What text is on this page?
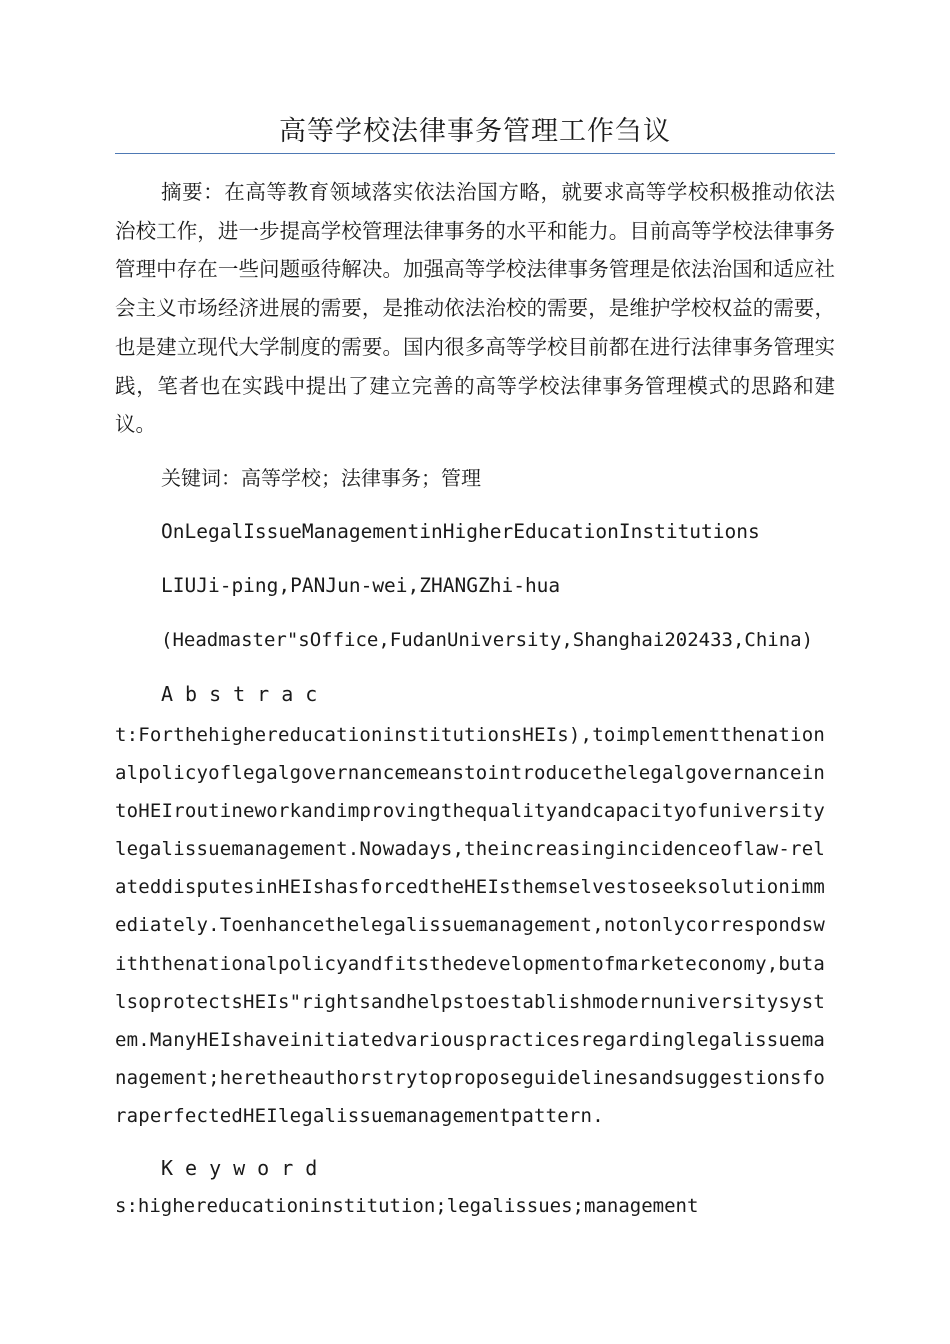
高等学校法律事务管理工作刍议

摘要：在高等教育领域落实依法治国方略，就要求高等学校积极推动依法治校工作，进一步提高学校管理法律事务的水平和能力。目前高等学校法律事务管理中存在一些问题亟待解决。加强高等学校法律事务管理是依法治国和适应社会主义市场经济进展的需要，是推动依法治校的需要，是维护学校权益的需要，也是建立现代大学制度的需要。国内很多高等学校目前都在进行法律事务管理实践，笔者也在实践中提出了建立完善的高等学校法律事务管理模式的思路和建议。

关键词：高等学校；法律事务；管理

OnLegalIssueManagementinHigherEducationInstitutions

LIUJi-ping,PANJun-wei,ZHANGZhi-hua

(Headmaster"sOffice,FudanUniversity,Shanghai202433,China)

Abstrac

t:ForthehighereducationinstitutionsHEIs),toimplementthenationalpolicyoflegalgovernancemeanstointroducethelegalgovernanceintoHEIroutineworkandimprovingthequalityandcapacityofuniversitylegalissuemanagement.Nowadays,theincreasingincidenceoflaw-relateddisputesinHEIshasforcedtheHEIsthemselvestoseeksolutionimmediately.Toenhancethelegalissuemanagement,notonlycorrespondswiththenationalpolicyandfitsthedevelopmentofmarketeconomy,butalsoprotectsHEIs"rightsandhelpstoestablishmodernuniversitysystem.ManyHEIshaveinitiatedvariouspracticesregardinglegalissuemanagement;heretheauthorstrytoproposeguidelinesandsuggestionsforaperfectedHEIlegalissuemanagementpattern.

Keyword

s:highereducationinstitution;legalissues;management
